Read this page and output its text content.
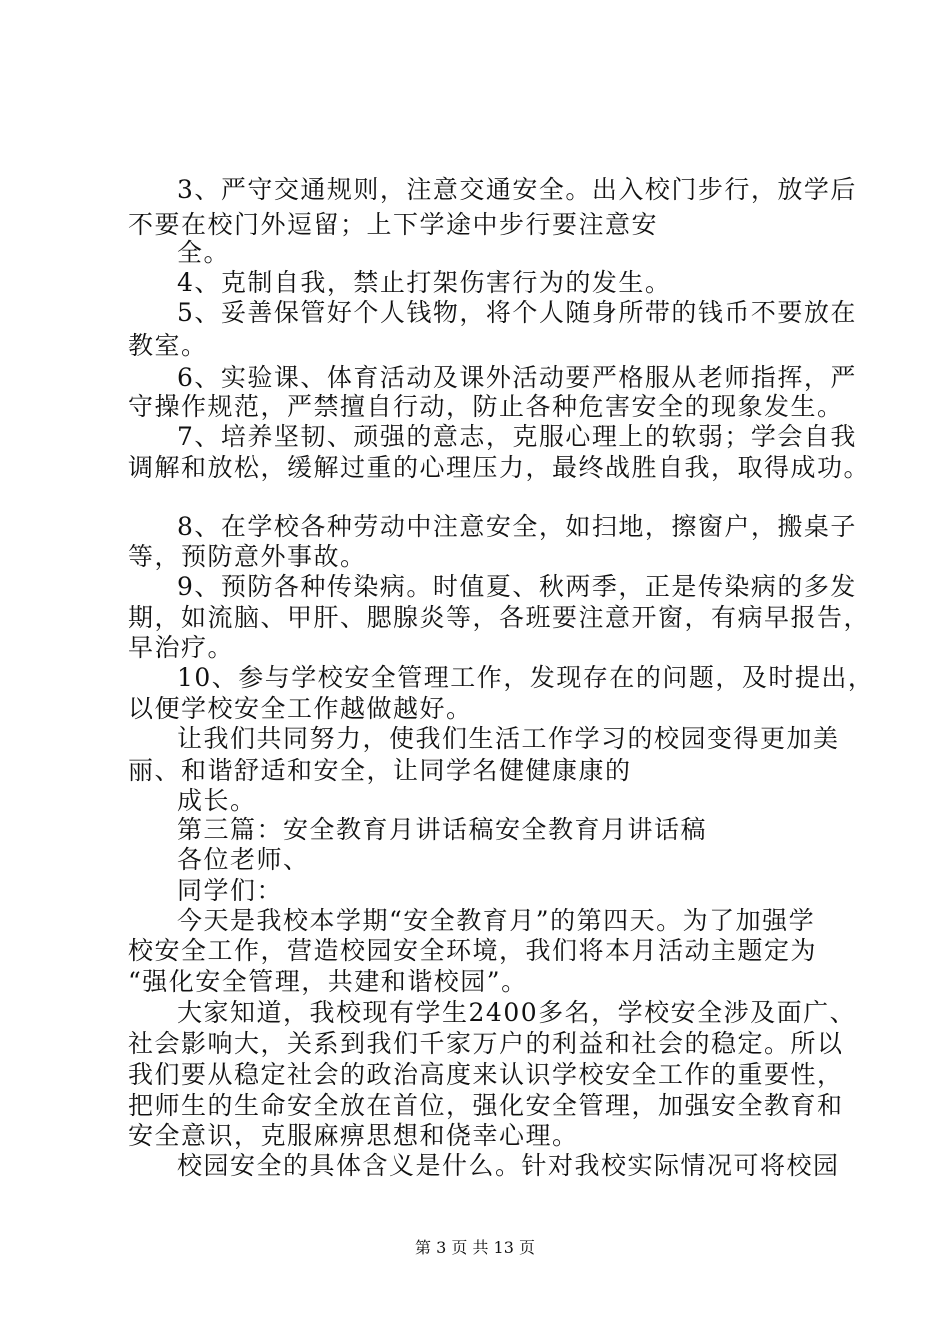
3、严守交通规则，注意交通安全。出入校门步行，放学后
不要在校门外逗留；上下学途中步行要注意安
全。
4、克制自我，禁止打架伤害行为的发生。
5、妥善保管好个人钱物，将个人随身所带的钱币不要放在
教室。
6、实验课、体育活动及课外活动要严格服从老师指挥，严
守操作规范，严禁擅自行动，防止各种危害安全的现象发生。
7、培养坚韧、顽强的意志，克服心理上的软弱；学会自我
调解和放松，缓解过重的心理压力，最终战胜自我，取得成功。
8、在学校各种劳动中注意安全，如扫地，擦窗户，搬桌子
等，预防意外事故。
9、预防各种传染病。时值夏、秋两季，正是传染病的多发
期，如流脑、甲肝、腮腺炎等，各班要注意开窗，有病早报告，
早治疗。
10、参与学校安全管理工作，发现存在的问题，及时提出，
以便学校安全工作越做越好。
让我们共同努力，使我们生活工作学习的校园变得更加美
丽、和谐舒适和安全，让同学名健健康康的
成长。
第三篇：安全教育月讲话稿安全教育月讲话稿
各位老师、
同学们：
今天是我校本学期“安全教育月”的第四天。为了加强学
校安全工作，营造校园安全环境，我们将本月活动主题定为
“强化安全管理，共建和谐校园”。
大家知道，我校现有学生2400多名，学校安全涉及面广、
社会影响大，关系到我们千家万户的利益和社会的稳定。所以
我们要从稳定社会的政治高度来认识学校安全工作的重要性，
把师生的生命安全放在首位，强化安全管理，加强安全教育和
安全意识，克服麻痹思想和侥幸心理。
校园安全的具体含义是什么。针对我校实际情况可将校园
第 3 页 共 13 页
